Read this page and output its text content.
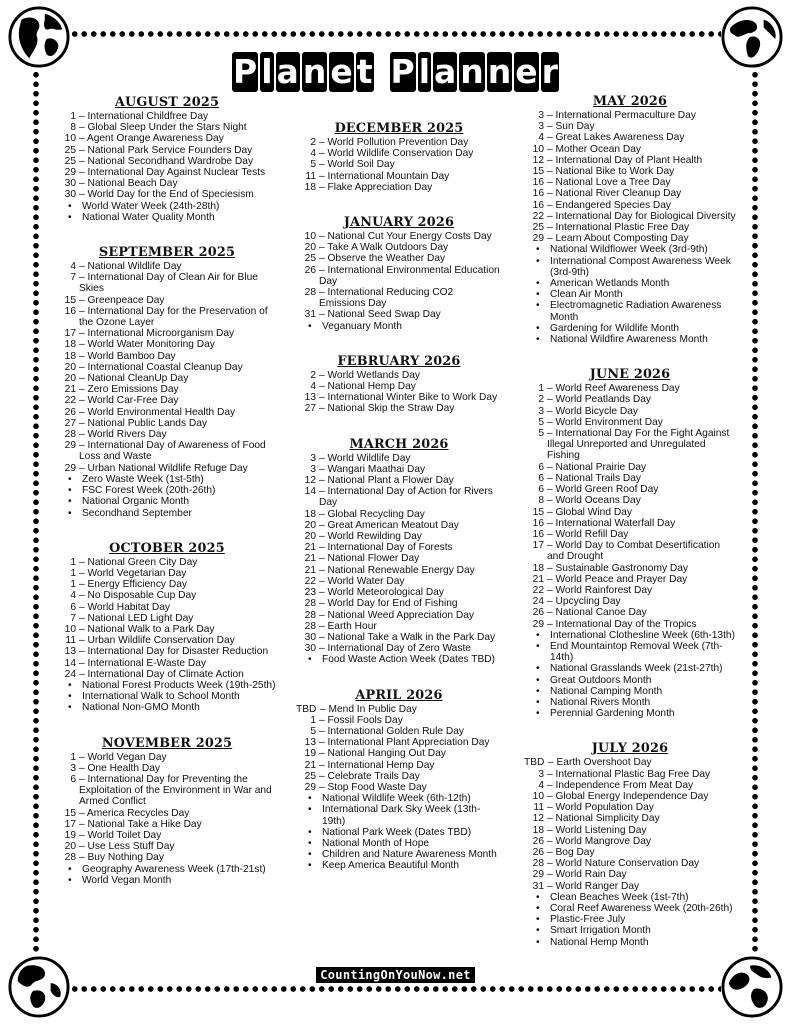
P l a n e t P l a n n e r
AUGUST 2025
1 – International Childfree Day
8 – Global Sleep Under the Stars Night
10 – Agent Orange Awareness Day
25 – National Park Service Founders Day
25 – National Secondhand Wardrobe Day
29 – International Day Against Nuclear Tests
30 – National Beach Day
30 – World Day for the End of Speciesism
•	World Water Week (24th-28th)
•	National Water Quality Month
SEPTEMBER 2025
4 – National Wildlife Day
7 – International Day of Clean Air for Blue Skies
15 – Greenpeace Day
16 – International Day for the Preservation of the Ozone Layer
17 – International Microorganism Day
18 – World Water Monitoring Day
18 – World Bamboo Day
20 – International Coastal Cleanup Day
20 – National CleanUp Day
21 – Zero Emissions Day
22 – World Car-Free Day
26 – World Environmental Health Day
27 – National Public Lands Day
28 – World Rivers Day
29 – International Day of Awareness of Food Loss and Waste
29 – Urban National Wildlife Refuge Day
•	Zero Waste Week (1st-5th)
•	FSC Forest Week (20th-26th)
•	National Organic Month
•	Secondhand September
OCTOBER 2025
1 – National Green City Day
1 – World Vegetarian Day
1 – Energy Efficiency Day
4 – No Disposable Cup Day
6 – World Habitat Day
7 – National LED Light Day
10 – National Walk to a Park Day
11 – Urban Wildlife Conservation Day
13 – International Day for Disaster Reduction
14 – International E-Waste Day
24 – International Day of Climate Action
•	National Forest Products Week (19th-25th)
•	International Walk to School Month
•	National Non-GMO Month
NOVEMBER 2025
1 – World Vegan Day
3 – One Health Day
6 – International Day for Preventing the Exploitation of the Environment in War and Armed Conflict
15 – America Recycles Day
17 – National Take a Hike Day
19 – World Toilet Day
20 – Use Less Stuff Day
28 – Buy Nothing Day
•	Geography Awareness Week (17th-21st)
•	World Vegan Month
DECEMBER 2025
2 – World Pollution Prevention Day
4 – World Wildlife Conservation Day
5 – World Soil Day
11 – International Mountain Day
18 – Flake Appreciation Day
JANUARY 2026
10 – National Cut Your Energy Costs Day
20 – Take A Walk Outdoors Day
25 – Observe the Weather Day
26 – International Environmental Education Day
28 – International Reducing CO2 Emissions Day
31 – National Seed Swap Day
•	Veganuary Month
FEBRUARY 2026
2 – World Wetlands Day
4 – National Hemp Day
13 – International Winter Bike to Work Day
27 – National Skip the Straw Day
MARCH 2026
3 – World Wildlife Day
3 – Wangari Maathai Day
12 – National Plant a Flower Day
14 – International Day of Action for Rivers Day
18 – Global Recycling Day
20 – Great American Meatout Day
20 – World Rewilding Day
21 – International Day of Forests
21 – National Flower Day
21 – National Renewable Energy Day
22 – World Water Day
23 – World Meteorological Day
28 – World Day for End of Fishing
28 – National Weed Appreciation Day
28 – Earth Hour
30 – National Take a Walk in the Park Day
30 – International Day of Zero Waste
•	Food Waste Action Week (Dates TBD)
APRIL 2026
TBD – Mend In Public Day
1 – Fossil Fools Day
5 – International Golden Rule Day
13 – International Plant Appreciation Day
19 – National Hanging Out Day
21 – International Hemp Day
25 – Celebrate Trails Day
29 – Stop Food Waste Day
•	National Wildlife Week (6th-12th)
•	International Dark Sky Week (13th-19th)
•	National Park Week (Dates TBD)
•	National Month of Hope
•	Children and Nature Awareness Month
•	Keep America Beautiful Month
MAY 2026
3 – International Permaculture Day
3 – Sun Day
4 – Great Lakes Awareness Day
10 – Mother Ocean Day
12 – International Day of Plant Health
15 – National Bike to Work Day
16 – National Love a Tree Day
16 – National River Cleanup Day
16 – Endangered Species Day
22 – International Day for Biological Diversity
25 – International Plastic Free Day
29 – Learn About Composting Day
•	National Wildflower Week (3rd-9th)
•	International Compost Awareness Week (3rd-9th)
•	American Wetlands Month
•	Clean Air Month
•	Electromagnetic Radiation Awareness Month
•	Gardening for Wildlife Month
•	National Wildfire Awareness Month
JUNE 2026
1 – World Reef Awareness Day
2 – World Peatlands Day
3 – World Bicycle Day
5 – World Environment Day
5 – International Day For the Fight Against Illegal Unreported and Unregulated Fishing
6 – National Prairie Day
6 – National Trails Day
6 – World Green Roof Day
8 – World Oceans Day
15 – Global Wind Day
16 – International Waterfall Day
16 – World Refill Day
17 – World Day to Combat Desertification and Drought
18 – Sustainable Gastronomy Day
21 – World Peace and Prayer Day
22 – World Rainforest Day
24 – Upcycling Day
26 – National Canoe Day
29 – International Day of the Tropics
•	International Clothesline Week (6th-13th)
•	End Mountaintop Removal Week (7th-14th)
•	National Grasslands Week (21st-27th)
•	Great Outdoors Month
•	National Camping Month
•	National Rivers Month
•	Perennial Gardening Month
JULY 2026
TBD – Earth Overshoot Day
3 – International Plastic Bag Free Day
4 – Independence From Meat Day
10 – Global Energy Independence Day
11 – World Population Day
12 – National Simplicity Day
18 – World Listening Day
26 – World Mangrove Day
26 – Bog Day
28 – World Nature Conservation Day
29 – World Rain Day
31 – World Ranger Day
•	Clean Beaches Week (1st-7th)
•	Coral Reef Awareness Week (20th-26th)
•	Plastic-Free July
•	Smart Irrigation Month
•	National Hemp Month
CountingOnYouNow.net
